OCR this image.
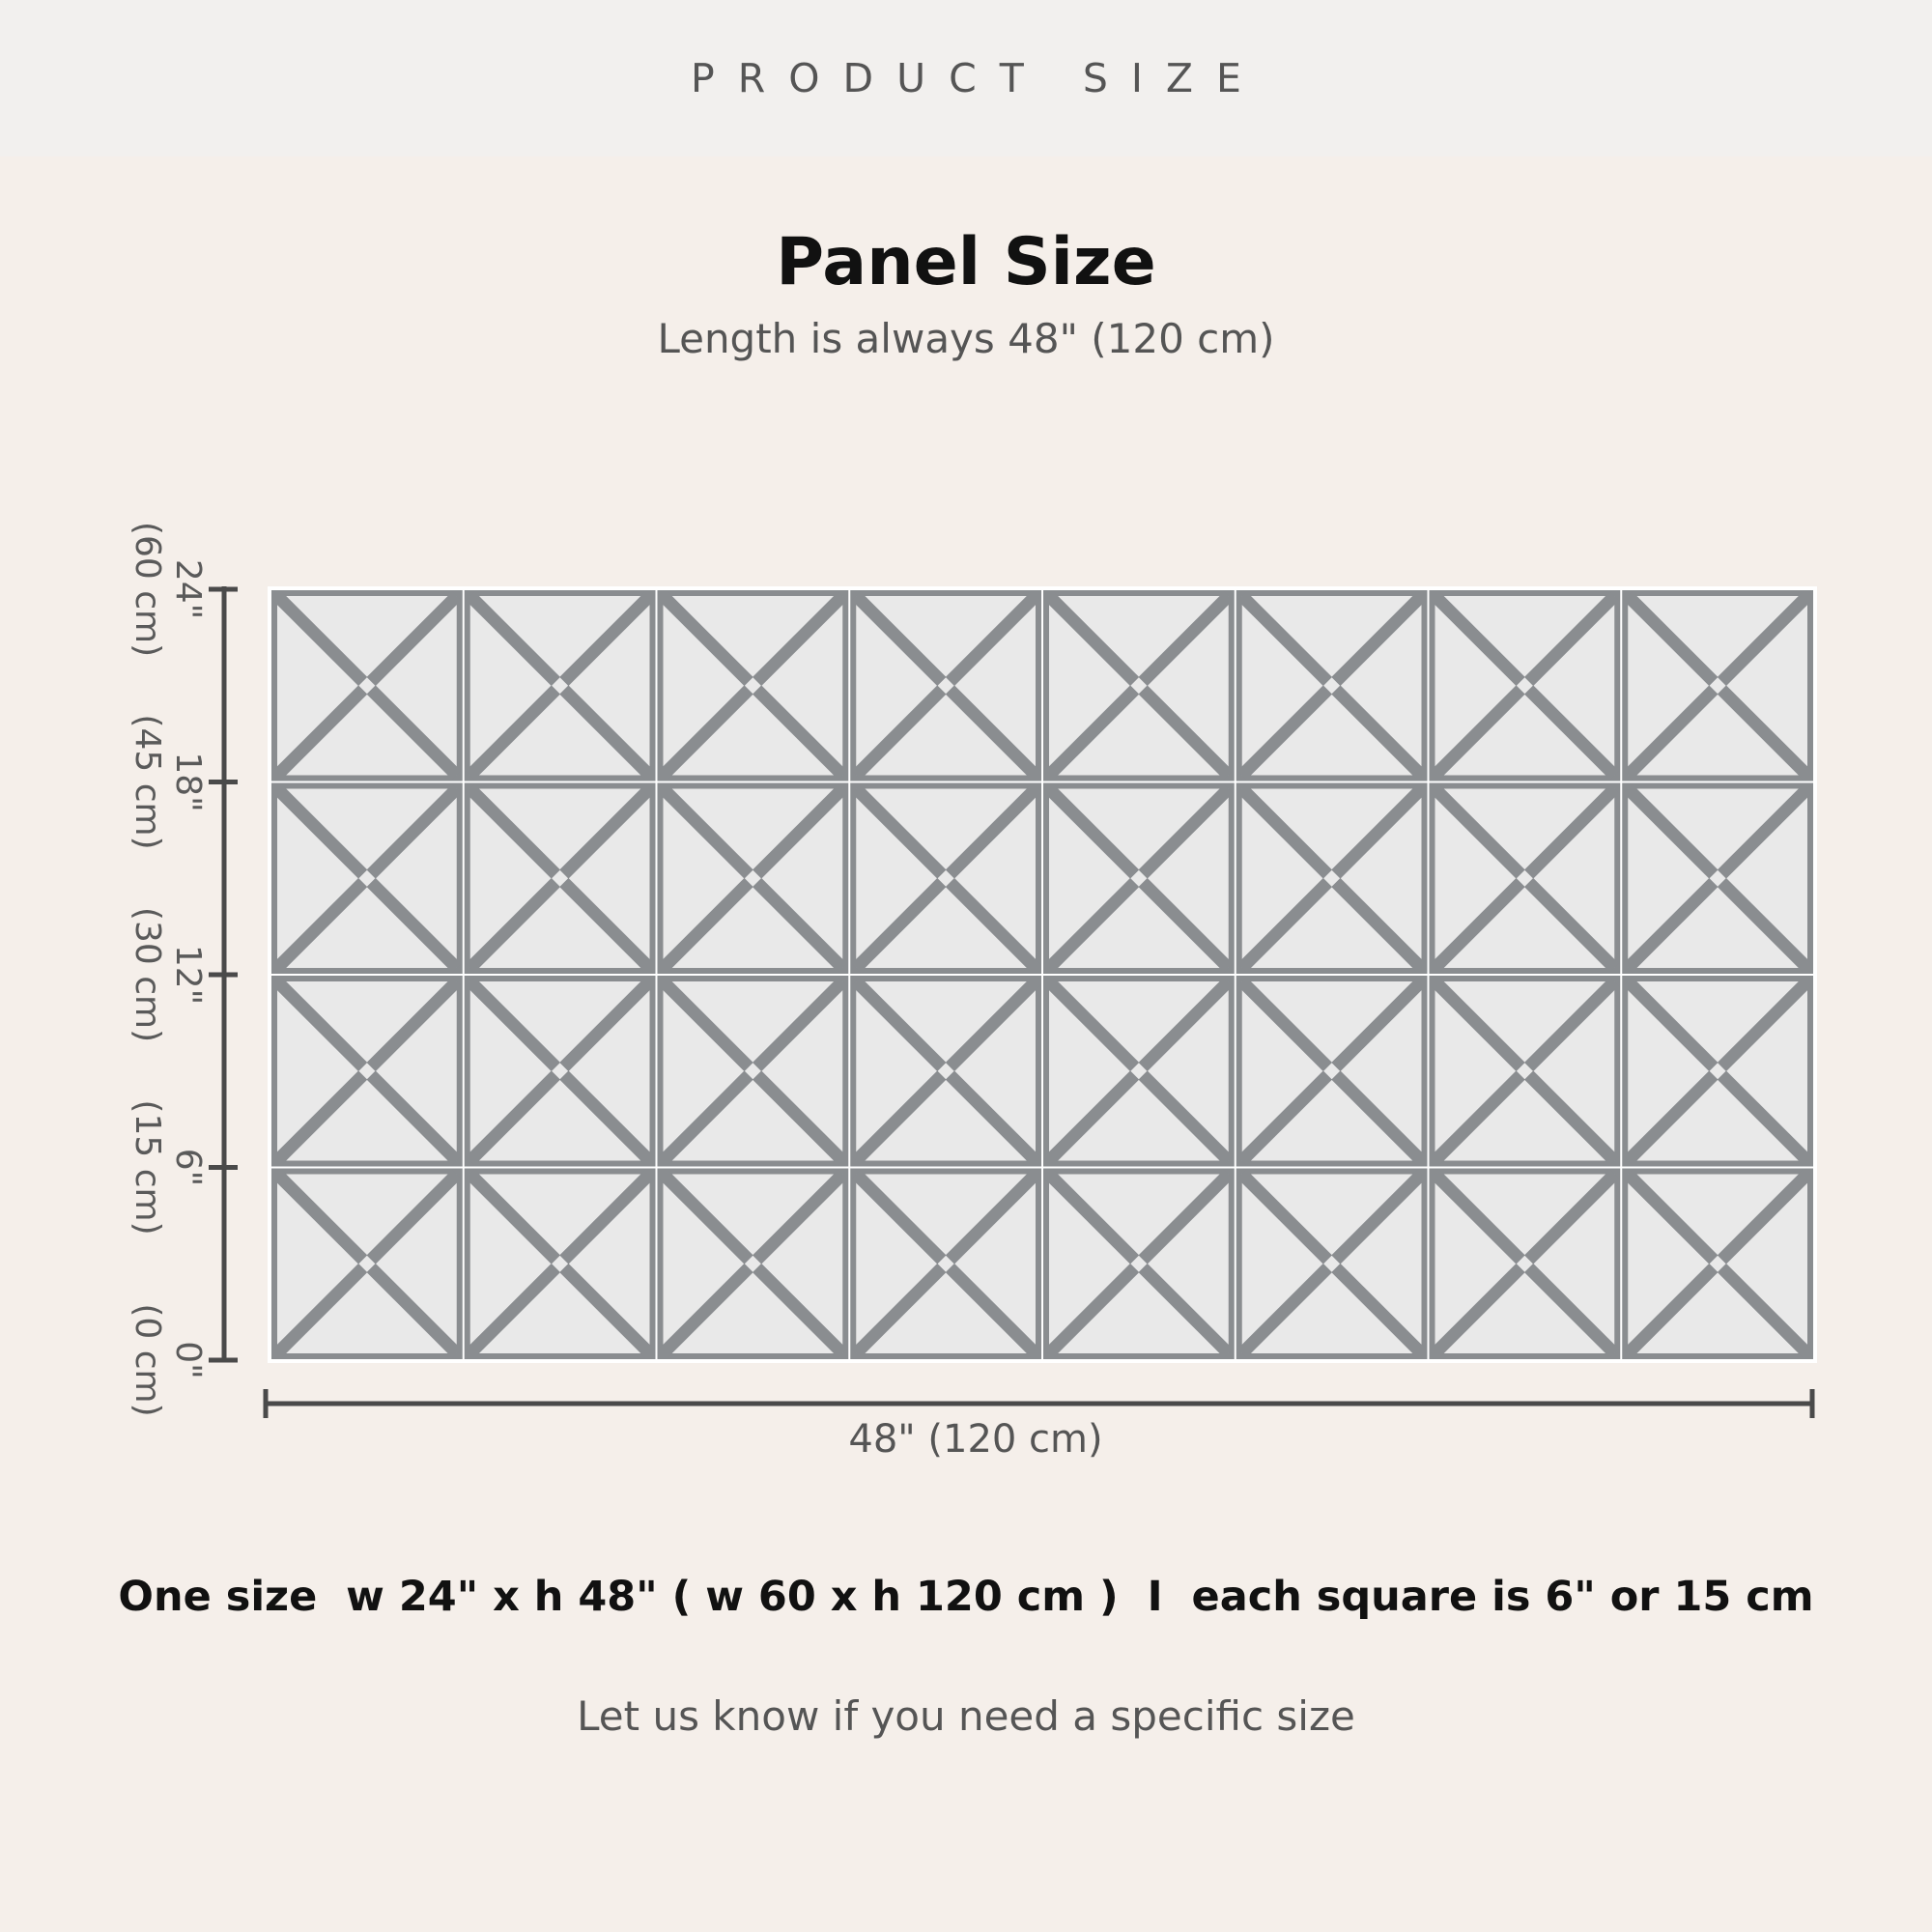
PRODUCT SIZE
Panel Size
Length is always 48" (120 cm)
0"(0 cm)
6"(15 cm)
12"(30 cm)
18"(45 cm)
24"(60 cm)
48" (120 cm)
One size  w 24" x h 48" ( w 60 x h 120 cm )  I  each square is 6" or 15 cm
Let us know if you need a specific size
